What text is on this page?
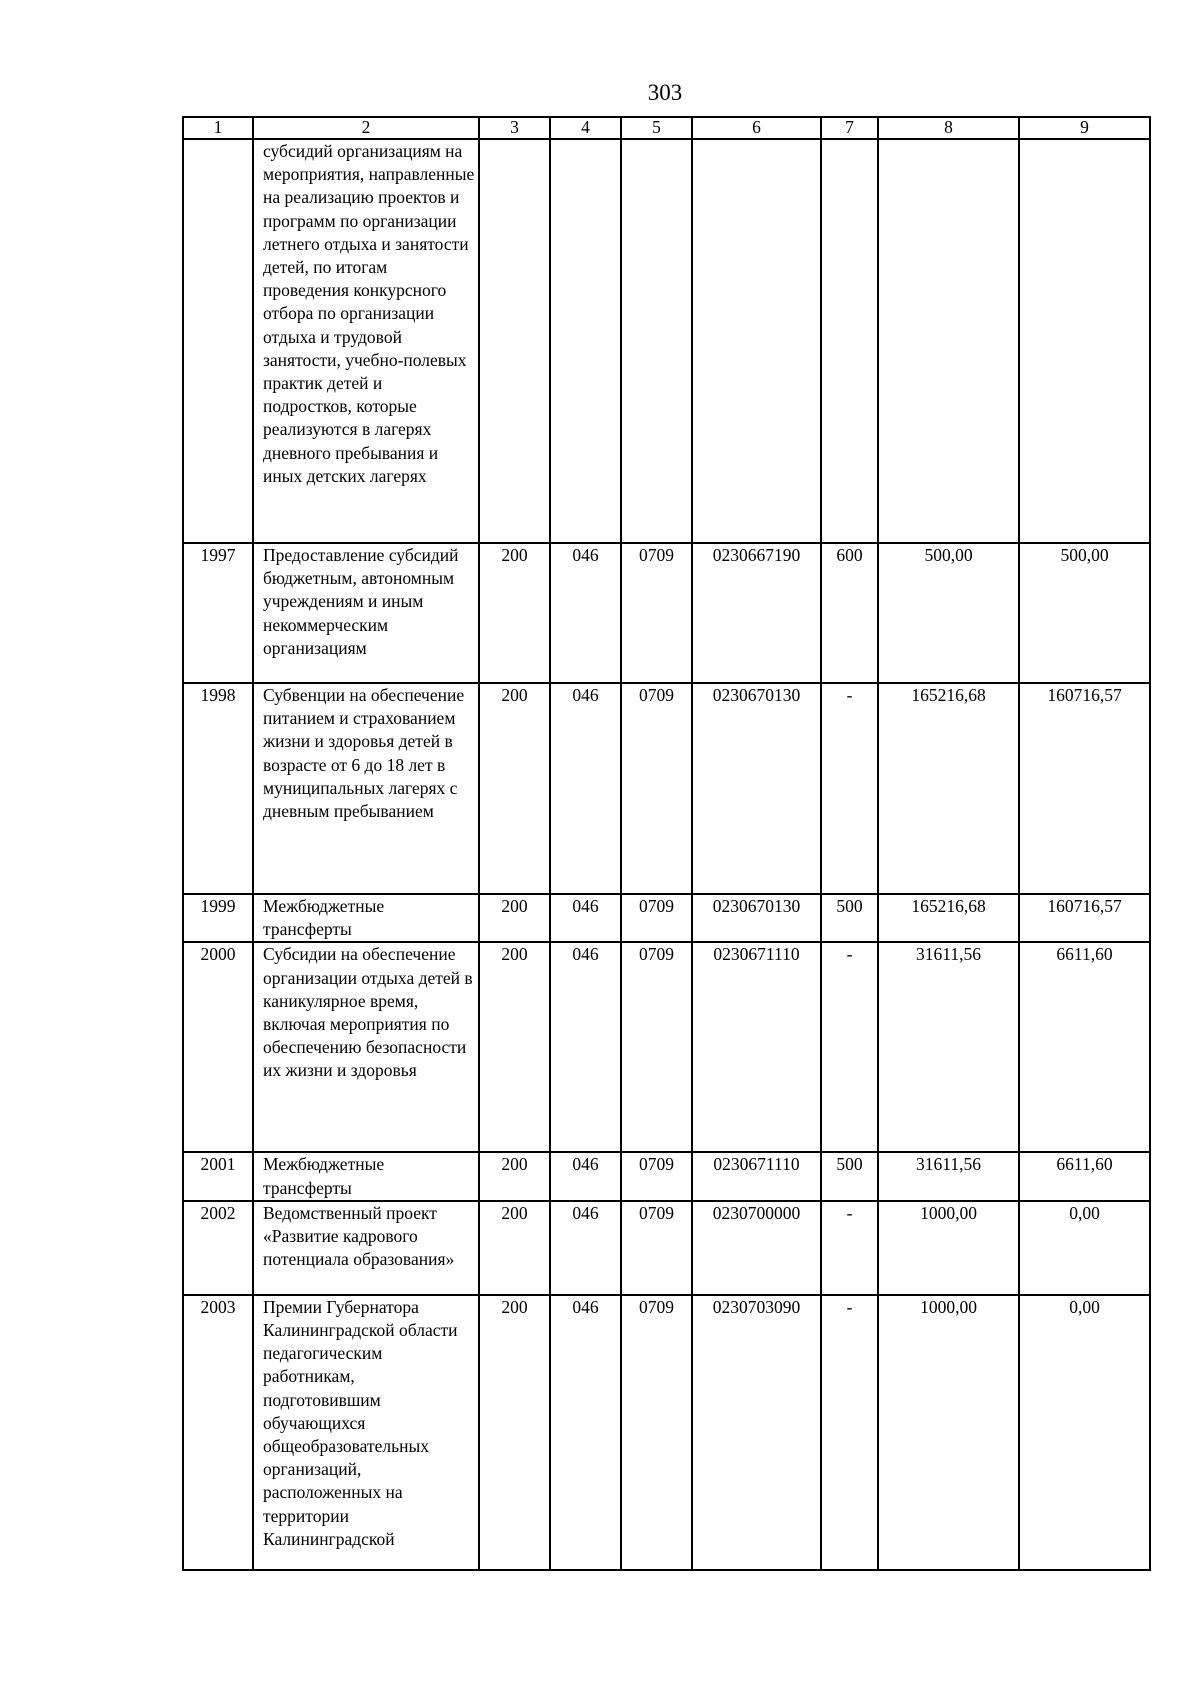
303
1	2	3	4	5	6	7	8	9
	субсидий организациям на мероприятия, направленные на реализацию проектов и программ по организации летнего отдыха и занятости детей, по итогам проведения конкурсного отбора по организации отдыха и трудовой занятости, учебно-полевых практик детей и подростков, которые реализуются в лагерях дневного пребывания и иных детских лагерях							
1997	Предоставление субсидий бюджетным, автономным учреждениям и иным некоммерческим организациям	200	046	0709	0230667190	600	500,00	500,00
1998	Субвенции на обеспечение питанием и страхованием жизни и здоровья детей в возрасте от 6 до 18 лет в муниципальных лагерях с дневным пребыванием	200	046	0709	0230670130	-	165216,68	160716,57
1999	Межбюджетные трансферты	200	046	0709	0230670130	500	165216,68	160716,57
2000	Субсидии на обеспечение организации отдыха детей в каникулярное время, включая мероприятия по обеспечению безопасности их жизни и здоровья	200	046	0709	0230671110	-	31611,56	6611,60
2001	Межбюджетные трансферты	200	046	0709	0230671110	500	31611,56	6611,60
2002	Ведомственный проект «Развитие кадрового потенциала образования»	200	046	0709	0230700000	-	1000,00	0,00
2003	Премии Губернатора Калининградской области педагогическим работникам, подготовившим обучающихся общеобразовательных организаций, расположенных на территории Калининградской	200	046	0709	0230703090	-	1000,00	0,00
